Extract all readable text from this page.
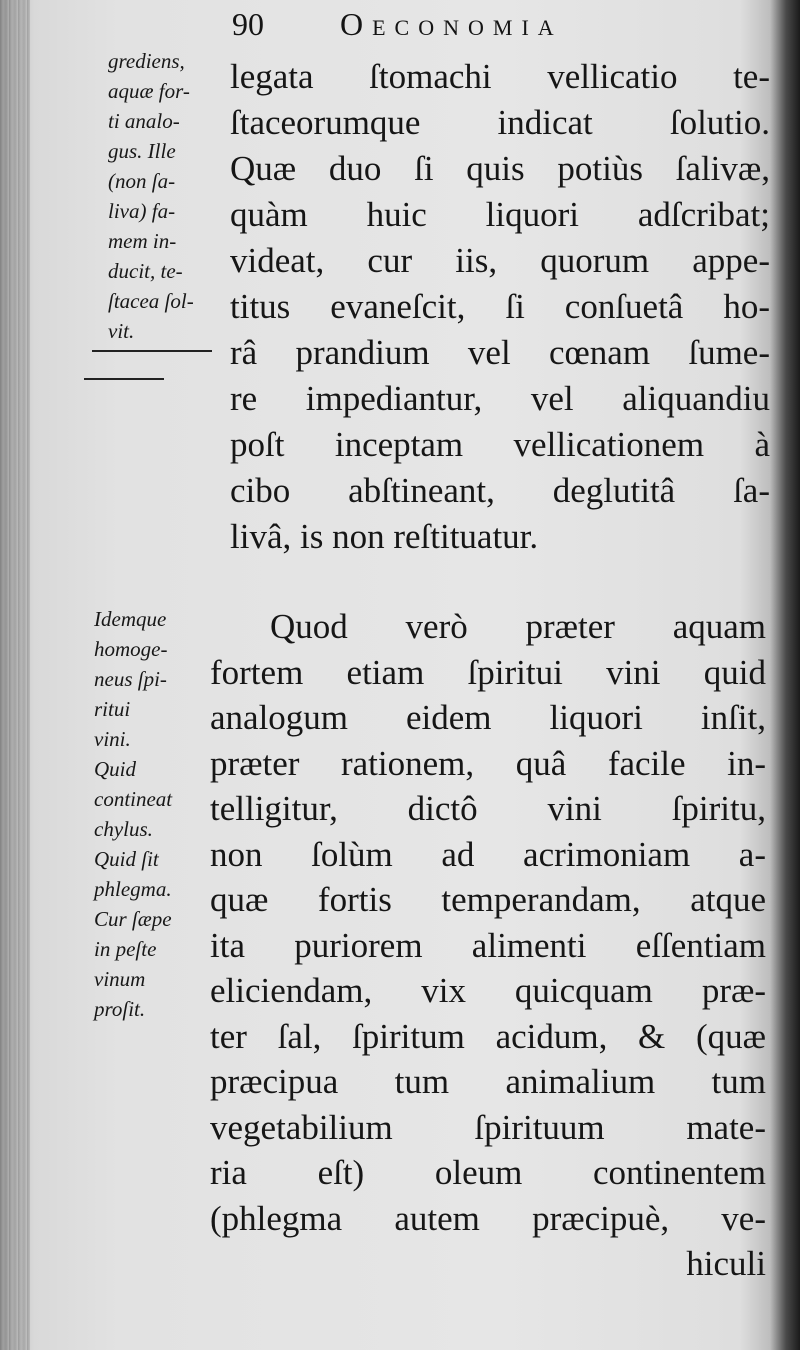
90 Oeconomia
grediens,
aquæ for-
ti analo-
gus. Ille
(non ſa-
liva) fa-
mem in-
ducit, te-
ſtacea ſol-
vit.
Idemque
homoge-
neus ſpi-
ritui
vini.
Quid
contineat
chylus.
Quid ſit
phlegma.
Cur ſæpe
in peſte
vinum
proſit.
legata ſtomachi vellicatio te-
ſtaceorumque indicat ſolutio.
Quæ duo ſi quis potiùs ſalivæ,
quàm huic liquori adſcribat;
videat, cur iis, quorum appe-
titus evaneſcit, ſi conſuetâ ho-
râ prandium vel cœnam ſume-
re impediantur, vel aliquandiu
poſt inceptam vellicationem à
cibo abſtineant, deglutitâ ſa-
livâ, is non reſtituatur.
Quod verò præter aquam
fortem etiam ſpiritui vini quid
analogum eidem liquori inſit,
præter rationem, quâ facile in-
telligitur, dictô vini ſpiritu,
non ſolùm ad acrimoniam a-
quæ fortis temperandam, atque
ita puriorem alimenti eſſentiam
eliciendam, vix quicquam præ-
ter ſal, ſpiritum acidum, & (quæ
præcipua tum animalium tum
vegetabilium ſpirituum mate-
ria eſt) oleum continentem
(phlegma autem præcipuè, ve-
hiculi
